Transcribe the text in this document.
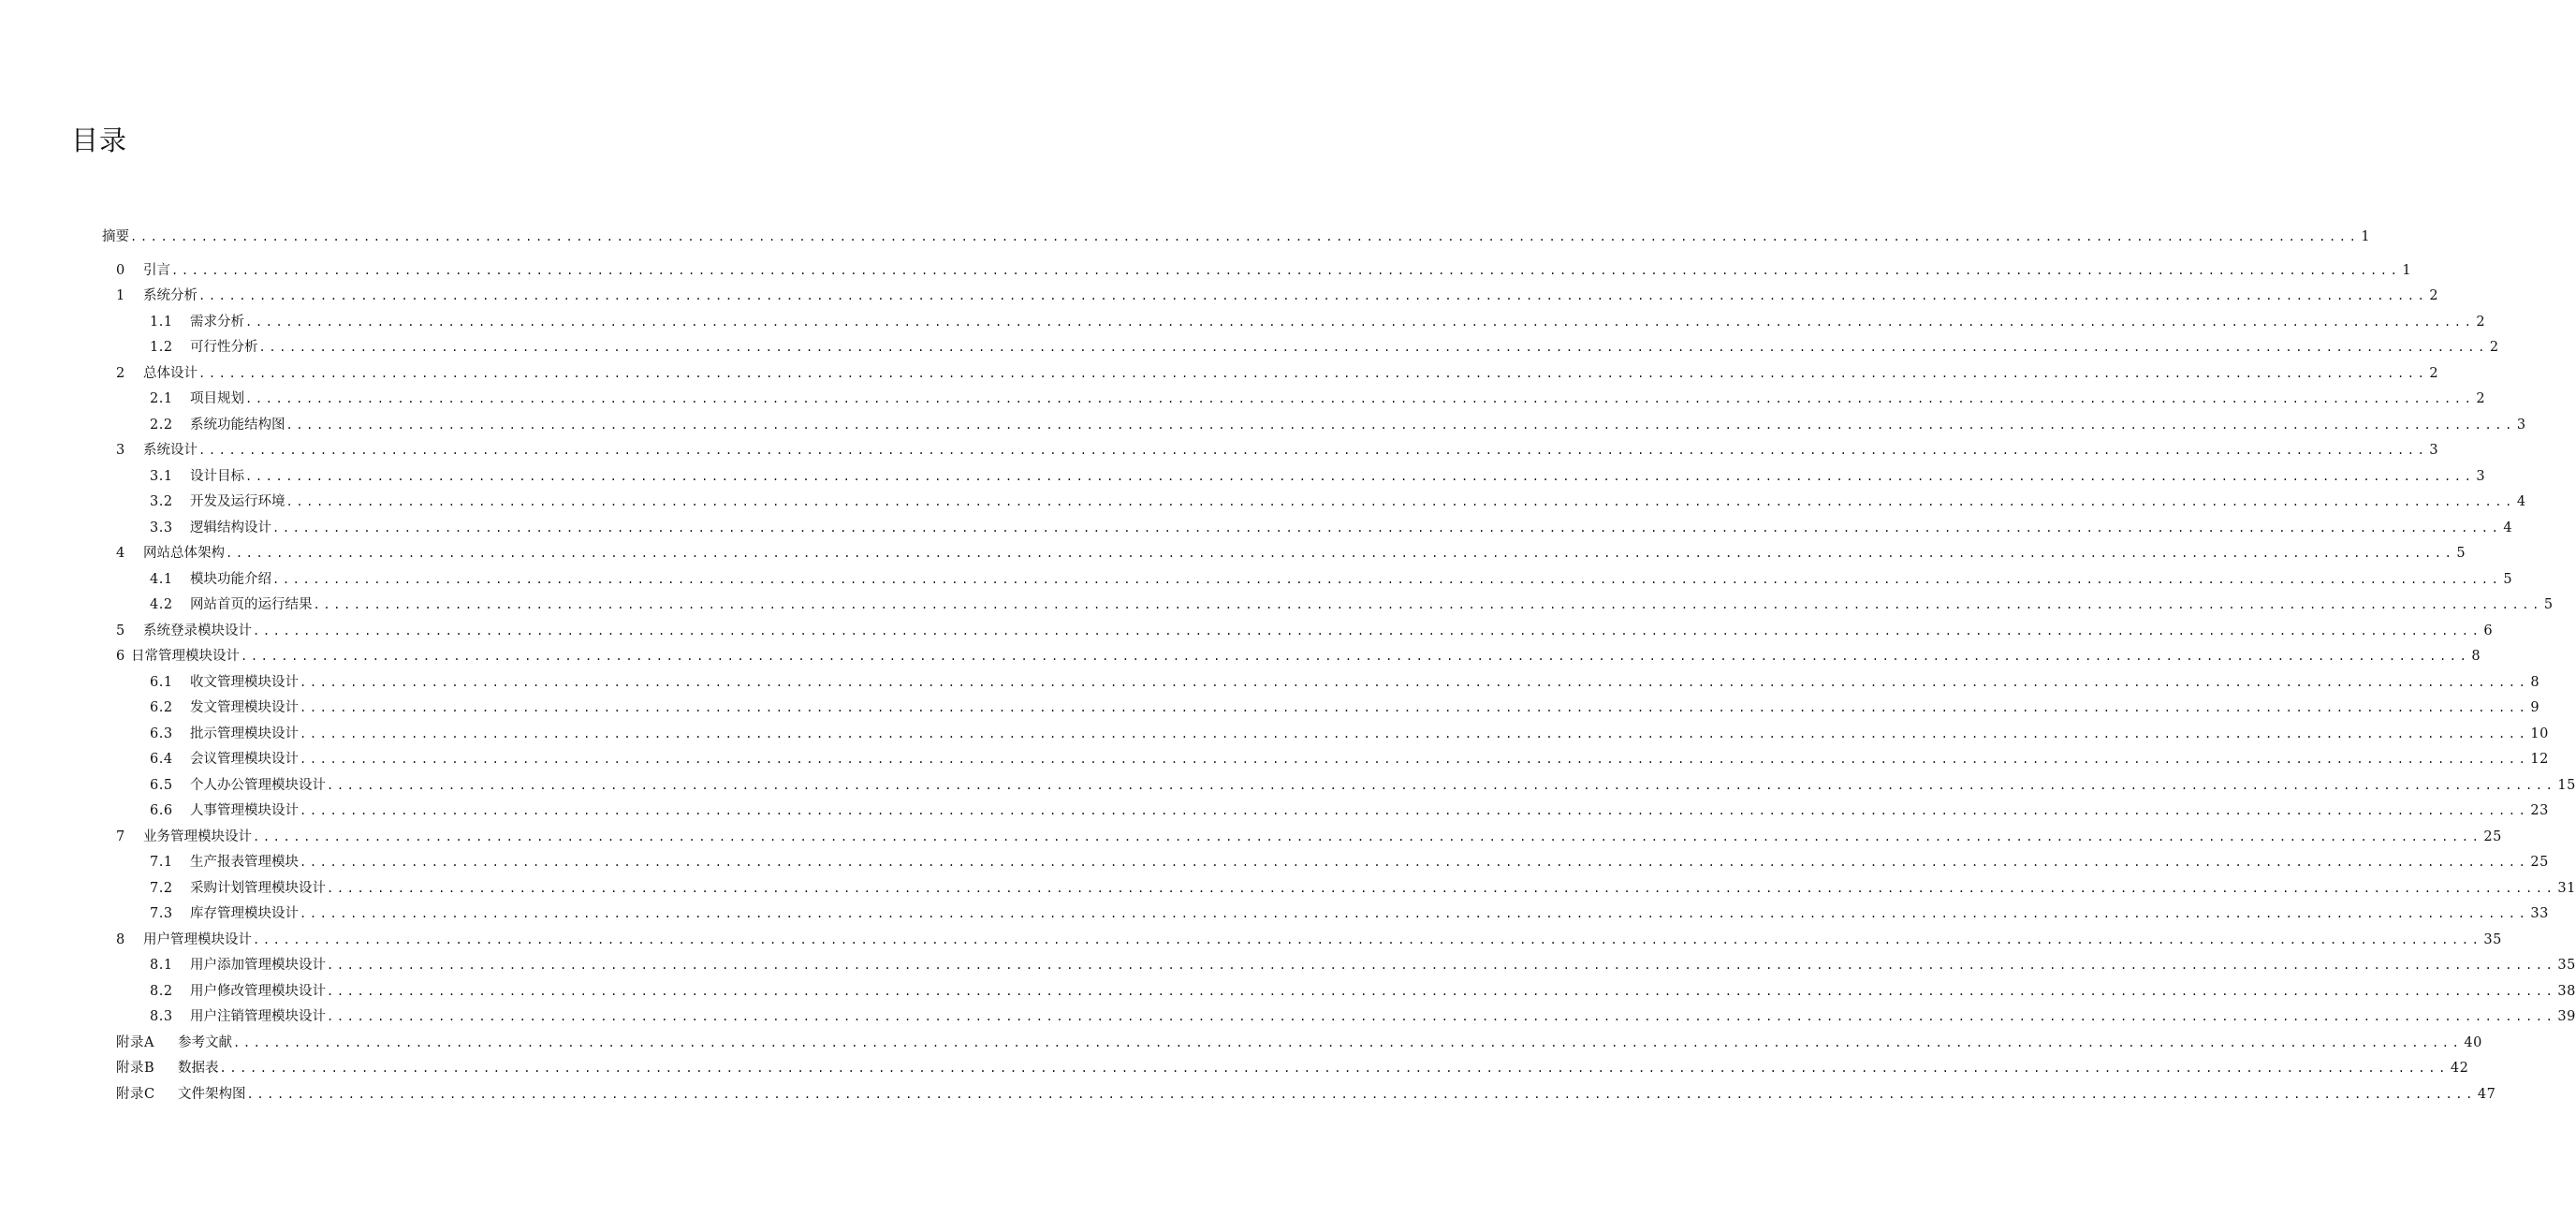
目录
摘要 ............................................................................................................................................................................................................................ 1
0	引言 ............................................................................................................................................................................................................................ 1
1	系统分析 ............................................................................................................................................................................................................................ 2
1.1	需求分析 ............................................................................................................................................................................................................................ 2
1.2	可行性分析 ............................................................................................................................................................................................................................ 2
2	总体设计 ............................................................................................................................................................................................................................ 2
2.1	项目规划 ............................................................................................................................................................................................................................ 2
2.2	系统功能结构图 ............................................................................................................................................................................................................................ 3
3	系统设计 ............................................................................................................................................................................................................................ 3
3.1	设计目标 ............................................................................................................................................................................................................................ 3
3.2	开发及运行环境 ............................................................................................................................................................................................................................ 4
3.3	逻辑结构设计 ............................................................................................................................................................................................................................ 4
4	网站总体架构 ............................................................................................................................................................................................................................ 5
4.1	模块功能介绍 ............................................................................................................................................................................................................................ 5
4.2	网站首页的运行结果 ............................................................................................................................................................................................................................ 5
5	系统登录模块设计 ............................................................................................................................................................................................................................ 6
6 日常管理模块设计 ............................................................................................................................................................................................................................ 8
6.1	收文管理模块设计 ............................................................................................................................................................................................................................ 8
6.2	发文管理模块设计 ............................................................................................................................................................................................................................ 9
6.3	批示管理模块设计 ............................................................................................................................................................................................................................ 10
6.4	会议管理模块设计 ............................................................................................................................................................................................................................ 12
6.5	个人办公管理模块设计 ............................................................................................................................................................................................................................ 15
6.6	人事管理模块设计 ............................................................................................................................................................................................................................ 23
7	业务管理模块设计 ............................................................................................................................................................................................................................ 25
7.1	生产报表管理模块 ............................................................................................................................................................................................................................ 25
7.2	采购计划管理模块设计 ............................................................................................................................................................................................................................ 31
7.3	库存管理模块设计 ............................................................................................................................................................................................................................ 33
8	用户管理模块设计 ............................................................................................................................................................................................................................ 35
8.1	用户添加管理模块设计 ............................................................................................................................................................................................................................ 35
8.2	用户修改管理模块设计 ............................................................................................................................................................................................................................ 38
8.3	用户注销管理模块设计 ............................................................................................................................................................................................................................ 39
附录A	参考文献 ............................................................................................................................................................................................................................ 40
附录B	数据表 ............................................................................................................................................................................................................................ 42
附录C	文件架构图 ............................................................................................................................................................................................................................ 47
